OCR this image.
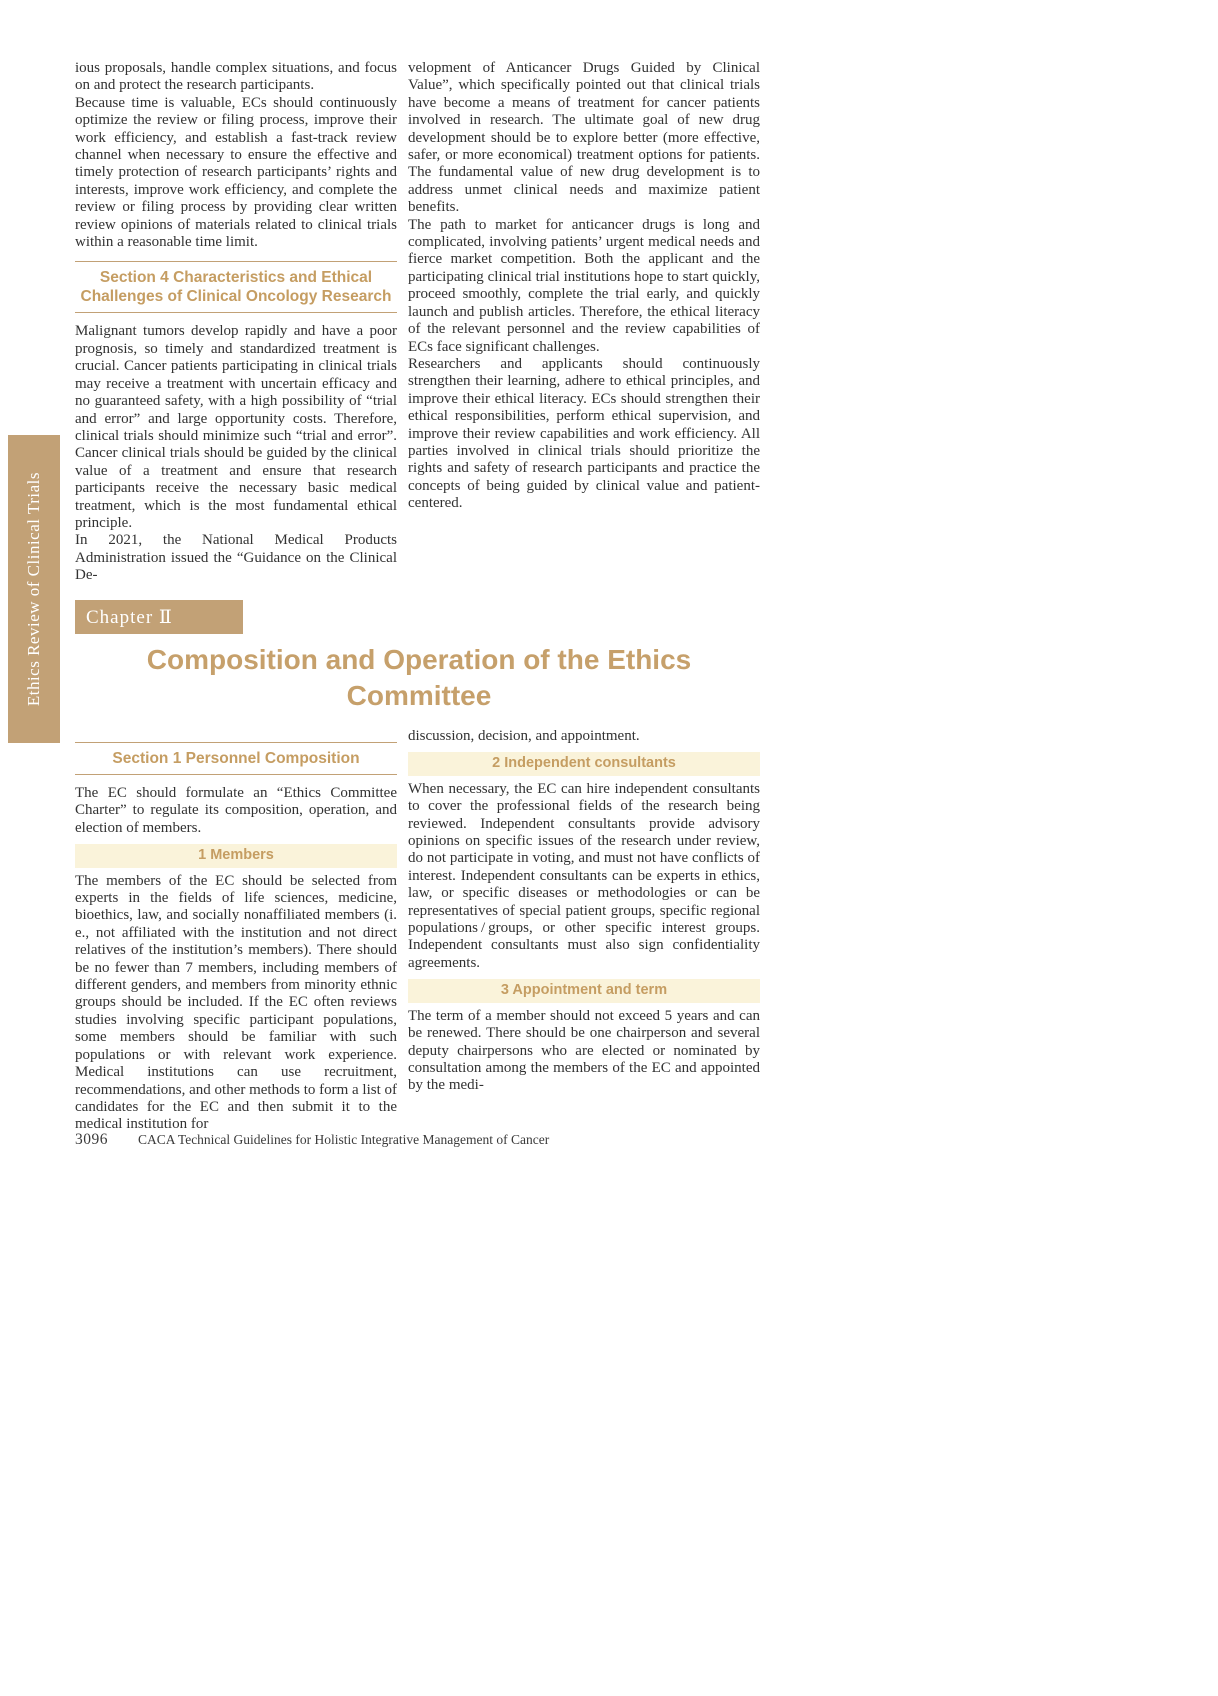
Ethics Review of Clinical Trials

ious proposals, handle complex situations, and focus on and protect the research participants.

Because time is valuable, ECs should continuously optimize the review or filing process, improve their work efficiency, and establish a fast-track review channel when necessary to ensure the effective and timely protection of research participants’ rights and interests, improve work efficiency, and complete the review or filing process by providing clear written review opinions of materials related to clinical trials within a reasonable time limit.

Section 4 Characteristics and Ethical Challenges of Clinical Oncology Research

Malignant tumors develop rapidly and have a poor prognosis, so timely and standardized treatment is crucial. Cancer patients participating in clinical trials may receive a treatment with uncertain efficacy and no guaranteed safety, with a high possibility of “trial and error” and large opportunity costs. Therefore, clinical trials should minimize such “trial and error”. Cancer clinical trials should be guided by the clinical value of a treatment and ensure that research participants receive the necessary basic medical treatment, which is the most fundamental ethical principle.

In 2021, the National Medical Products Administration issued the “Guidance on the Clinical De-

velopment of Anticancer Drugs Guided by Clinical Value”, which specifically pointed out that clinical trials have become a means of treatment for cancer patients involved in research. The ultimate goal of new drug development should be to explore better (more effective, safer, or more economical) treatment options for patients. The fundamental value of new drug development is to address unmet clinical needs and maximize patient benefits.

The path to market for anticancer drugs is long and complicated, involving patients’ urgent medical needs and fierce market competition. Both the applicant and the participating clinical trial institutions hope to start quickly, proceed smoothly, complete the trial early, and quickly launch and publish articles. Therefore, the ethical literacy of the relevant personnel and the review capabilities of ECs face significant challenges.

Researchers and applicants should continuously strengthen their learning, adhere to ethical principles, and improve their ethical literacy. ECs should strengthen their ethical responsibilities, perform ethical supervision, and improve their review capabilities and work efficiency. All parties involved in clinical trials should prioritize the rights and safety of research participants and practice the concepts of being guided by clinical value and patient-centered.

Chapter Ⅱ
Composition and Operation of the Ethics Committee
Section 1 Personnel Composition

The EC should formulate an “Ethics Committee Charter” to regulate its composition, operation, and election of members.

1 Members

The members of the EC should be selected from experts in the fields of life sciences, medicine, bioethics, law, and socially nonaffiliated members (i. e., not affiliated with the institution and not direct relatives of the institution’s members). There should be no fewer than 7 members, including members of different genders, and members from minority ethnic groups should be included. If the EC often reviews studies involving specific participant populations, some members should be familiar with such populations or with relevant work experience. Medical institutions can use recruitment, recommendations, and other methods to form a list of candidates for the EC and then submit it to the medical institution for

discussion, decision, and appointment.

2 Independent consultants

When necessary, the EC can hire independent consultants to cover the professional fields of the research being reviewed. Independent consultants provide advisory opinions on specific issues of the research under review, do not participate in voting, and must not have conflicts of interest. Independent consultants can be experts in ethics, law, or specific diseases or methodologies or can be representatives of special patient groups, specific regional populations / groups, or other specific interest groups. Independent consultants must also sign confidentiality agreements.

3 Appointment and term

The term of a member should not exceed 5 years and can be renewed. There should be one chairperson and several deputy chairpersons who are elected or nominated by consultation among the members of the EC and appointed by the medi-

3096 CACA Technical Guidelines for Holistic Integrative Management of Cancer
